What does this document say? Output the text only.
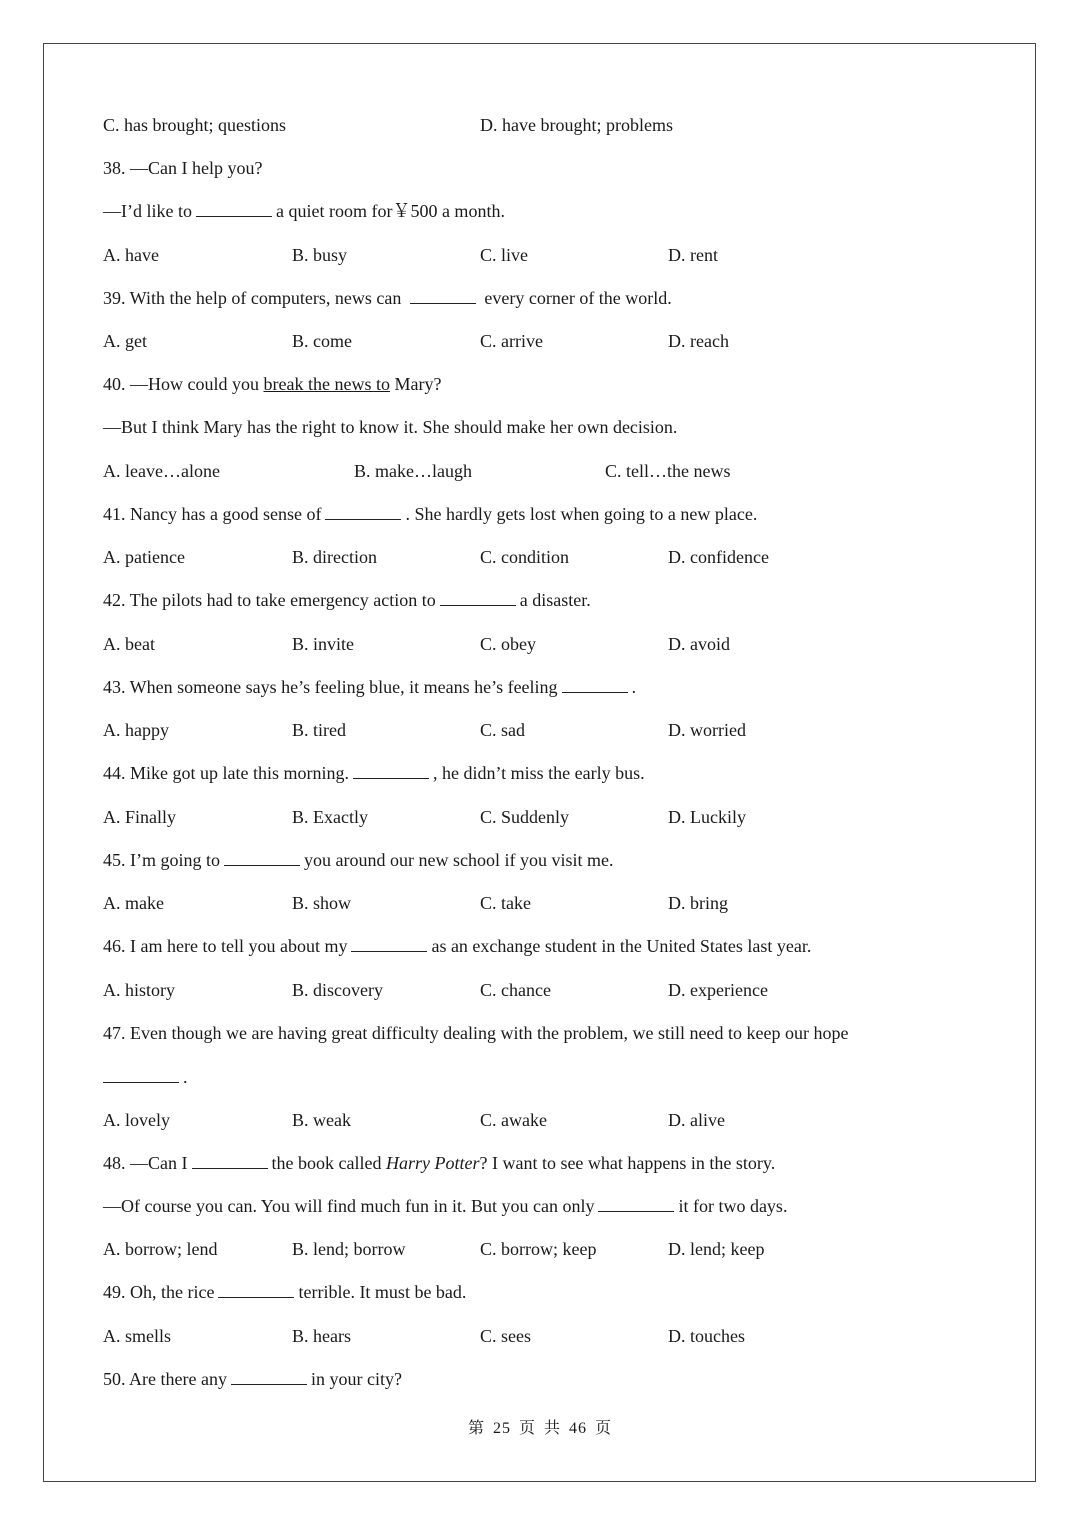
C. has brought; questions	D. have brought; problems
38. —Can I help you?
—I’d like to	a quiet room for￥500 a month.
A. have	B. busy	C. live	D. rent
39. With the help of computers, news can	every corner of the world.
A. get	B. come	C. arrive	D. reach
40. —How could you break the news to Mary?
—But I think Mary has the right to know it. She should make her own decision.
A. leave…alone	B. make…laugh	C. tell…the news
41. Nancy has a good sense of	. She hardly gets lost when going to a new place.
A. patience	B. direction	C. condition	D. confidence
42. The pilots had to take emergency action to	a disaster.
A. beat	B. invite	C. obey	D. avoid
43. When someone says he’s feeling blue, it means he’s feeling	.
A. happy	B. tired	C. sad	D. worried
44. Mike got up late this morning.	, he didn’t miss the early bus.
A. Finally	B. Exactly	C. Suddenly	D. Luckily
45. I’m going to	you around our new school if you visit me.
A. make	B. show	C. take	D. bring
46. I am here to tell you about my	as an exchange student in the United States last year.
A. history	B. discovery	C. chance	D. experience
47. Even though we are having great difficulty dealing with the problem, we still need to keep our hope
.
A. lovely	B. weak	C. awake	D. alive
48. —Can I	the book called Harry Potter? I want to see what happens in the story.
—Of course you can. You will find much fun in it. But you can only	it for two days.
A. borrow; lend	B. lend; borrow	C. borrow; keep	D. lend; keep
49. Oh, the rice	terrible. It must be bad.
A. smells	B. hears	C. sees	D. touches
50. Are there any	in your city?
第 25 页 共 46 页
